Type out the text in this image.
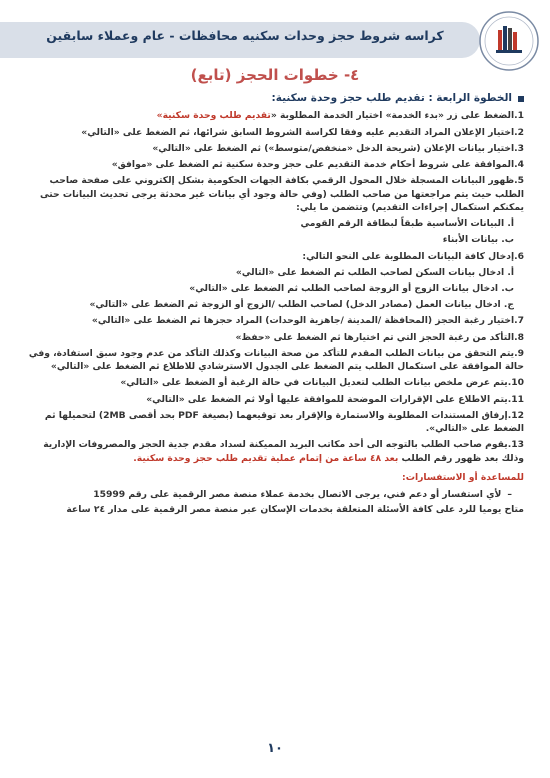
كراسه شروط حجز وحدات سكنيه محافظات - عام وعملاء سابقين
٤- خطوات الحجز (تابع)
الخطوة الرابعة : تقديم طلب حجز وحدة سكنية:
1.الضغط على زر «بدء الخدمة» اختيار الخدمة المطلوبة «تقديم طلب وحدة سكنية»
2.اختيار الإعلان المراد التقديم عليه وفقا لكراسة الشروط السابق شرائها، ثم الضغط على «التالي»
3.اختيار بيانات الإعلان (شريحة الدخل «منخفض/متوسط») ثم الضغط على «التالي»
4.الموافقة على شروط أحكام خدمة التقديم على حجز وحدة سكنية ثم الضغط على «موافق»
5.ظهور البيانات المسجلة خلال المحول الرقمي بكافة الجهات الحكومية بشكل إلكتروني على صفحة صاحب الطلب حيث يتم مراجعتها من صاحب الطلب (وفي حالة وجود أي بيانات غير محدثة يرجى تحديث البيانات حتى يمكنكم استكمال إجراءات التقديم) وتتضمن ما يلي:
أ. البيانات الأساسية طبقاً لبطاقة الرقم القومي
ب. بيانات الأبناء
6.إدخال كافة البيانات المطلوبة على النحو التالي:
أ. ادخال بيانات السكن لصاحب الطلب ثم الضغط على «التالي»
ب. ادخال بيانات الزوج أو الزوجة لصاحب الطلب ثم الضغط على «التالي»
ج. ادخال بيانات العمل (مصادر الدخل) لصاحب الطلب /الزوج أو الزوجة ثم الضغط على «التالي»
7.اختيار رغبة الحجز (المحافظة /المدينة /جاهزية الوحدات) المراد حجزها ثم الضغط على «التالي»
8.التأكد من رغبة الحجز التي تم اختيارها ثم الضغط على «حفظ»
9.يتم التحقق من بيانات الطلب المقدم للتأكد من صحة البيانات وكذلك التأكد من عدم وجود سبق استفادة، وفي حالة الموافقة على استكمال الطلب يتم الضغط على الجدول الاسترشادي للاطلاع ثم الضغط على «التالي»
10.يتم عرض ملخص بيانات الطلب لتعديل البيانات في حالة الرغبة أو الضغط على «التالي»
11.يتم الاطلاع على الإقرارات الموضحة للموافقة عليها أولا ثم الضغط على «التالي»
12.إرفاق المستندات المطلوبة والاستمارة والإقرار بعد توقيعهما (بصيغة PDF بحد أقصى 2MB) لتحميلها ثم الضغط على «التالي».
13.يقوم صاحب الطلب بالتوجه الى أحد مكاتب البريد المميكنة لسداد مقدم جدية الحجز والمصروفات الإدارية وذلك بعد ظهور رقم الطلب بعد ٤٨ ساعة من إتمام عملية تقديم طلب حجز وحدة سكنية.
للمساعدة أو الاستفسارات:
–
لأي استفسار أو دعم فني، يرجى الاتصال بخدمة عملاء منصة مصر الرقمية على رقم 15999
متاح يوميا للرد على كافة الأسئلة المتعلقة بخدمات الإسكان عبر منصة مصر الرقمية على مدار ٢٤ ساعة
١٠
